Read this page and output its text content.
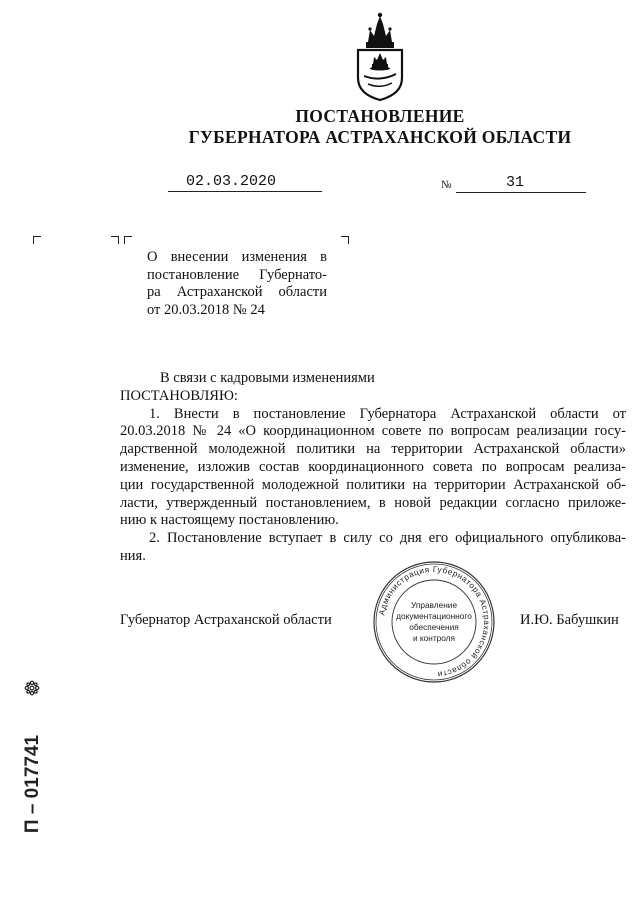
ПОСТАНОВЛЕНИЕ
ГУБЕРНАТОРА АСТРАХАНСКОЙ ОБЛАСТИ
02.03.2020	№	31
О внесении изменения в
постановление Губернато-
ра Астраханской области
от 20.03.2018 № 24
В связи с кадровыми изменениями
ПОСТАНОВЛЯЮ:
1. Внести в постановление Губернатора Астраханской области от
20.03.2018 № 24 «О координационном совете по вопросам реализации госу-
дарственной молодежной политики на территории Астраханской области»
изменение, изложив состав координационного совета по вопросам реализа-
ции государственной молодежной политики на территории Астраханской об-
ласти, утвержденный постановлением, в новой редакции согласно приложе-
нию к настоящему постановлению.
2. Постановление вступает в силу со дня его официального опубликова-
ния.
Губернатор Астраханской области	И.Ю. Бабушкин
Администрация Губернатора Астраханской области
Управление
документационного
обеспечения
и контроля
П – 017741
